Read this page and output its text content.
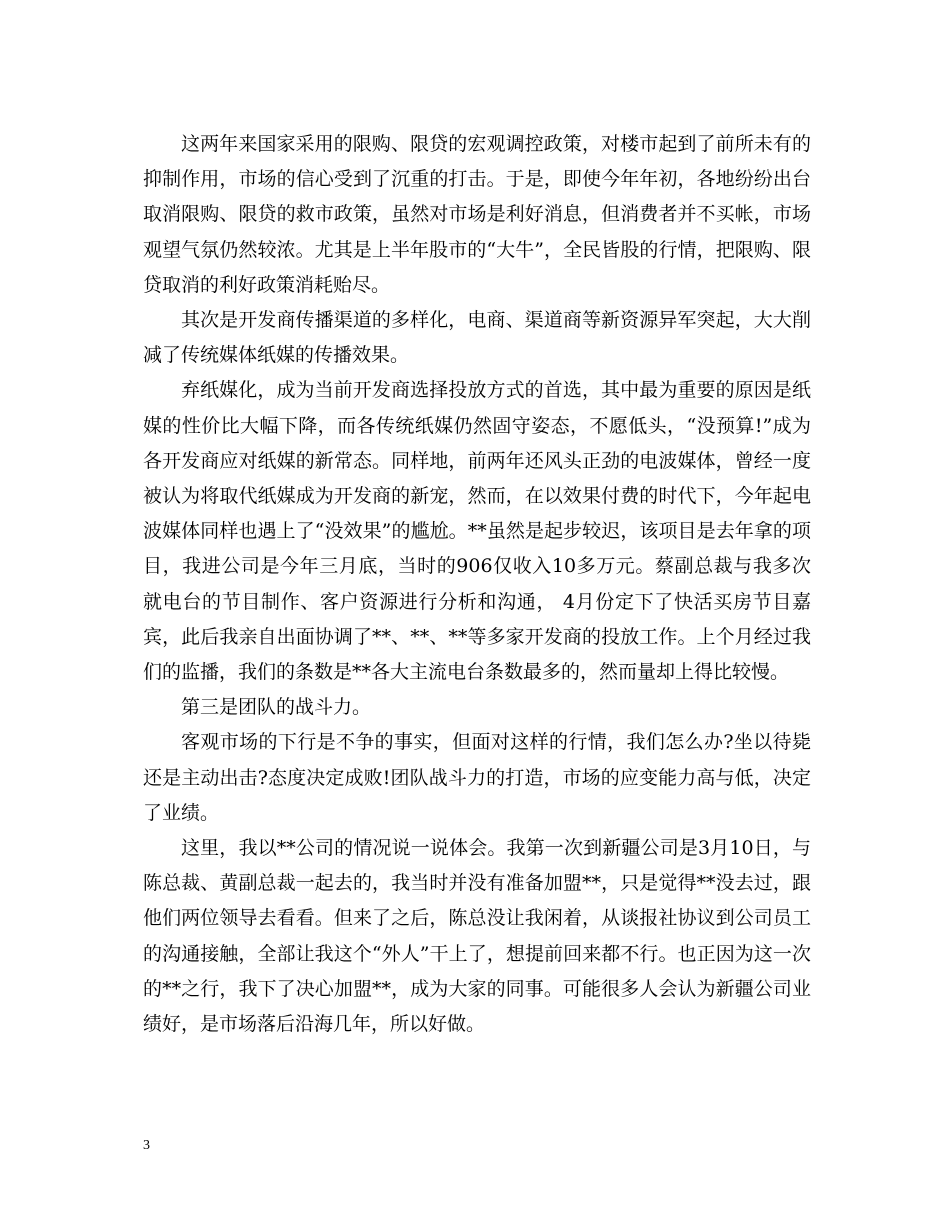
这两年来国家采用的限购、限贷的宏观调控政策，对楼市起到了前所未有的抑制作用，市场的信心受到了沉重的打击。于是，即使今年年初，各地纷纷出台取消限购、限贷的救市政策，虽然对市场是利好消息，但消费者并不买帐，市场观望气氛仍然较浓。尤其是上半年股市的“大牛”，全民皆股的行情，把限购、限贷取消的利好政策消耗贻尽。

其次是开发商传播渠道的多样化，电商、渠道商等新资源异军突起，大大削减了传统媒体纸媒的传播效果。

弃纸媒化，成为当前开发商选择投放方式的首选，其中最为重要的原因是纸媒的性价比大幅下降，而各传统纸媒仍然固守姿态，不愿低头，“没预算!”成为各开发商应对纸媒的新常态。同样地，前两年还风头正劲的电波媒体，曾经一度被认为将取代纸媒成为开发商的新宠，然而，在以效果付费的时代下，今年起电波媒体同样也遇上了“没效果”的尴尬。**虽然是起步较迟，该项目是去年拿的项目，我进公司是今年三月底，当时的906仅收入10多万元。蔡副总裁与我多次就电台的节目制作、客户资源进行分析和沟通， 4月份定下了快活买房节目嘉宾，此后我亲自出面协调了**、**、**等多家开发商的投放工作。上个月经过我们的监播，我们的条数是**各大主流电台条数最多的，然而量却上得比较慢。

第三是团队的战斗力。

客观市场的下行是不争的事实，但面对这样的行情，我们怎么办?坐以待毙还是主动出击?态度决定成败!团队战斗力的打造，市场的应变能力高与低，决定了业绩。

这里，我以**公司的情况说一说体会。我第一次到新疆公司是3月10日，与陈总裁、黄副总裁一起去的，我当时并没有准备加盟**，只是觉得**没去过，跟他们两位领导去看看。但来了之后，陈总没让我闲着，从谈报社协议到公司员工的沟通接触，全部让我这个“外人”干上了，想提前回来都不行。也正因为这一次的**之行，我下了决心加盟**，成为大家的同事。可能很多人会认为新疆公司业绩好，是市场落后沿海几年，所以好做。

3
